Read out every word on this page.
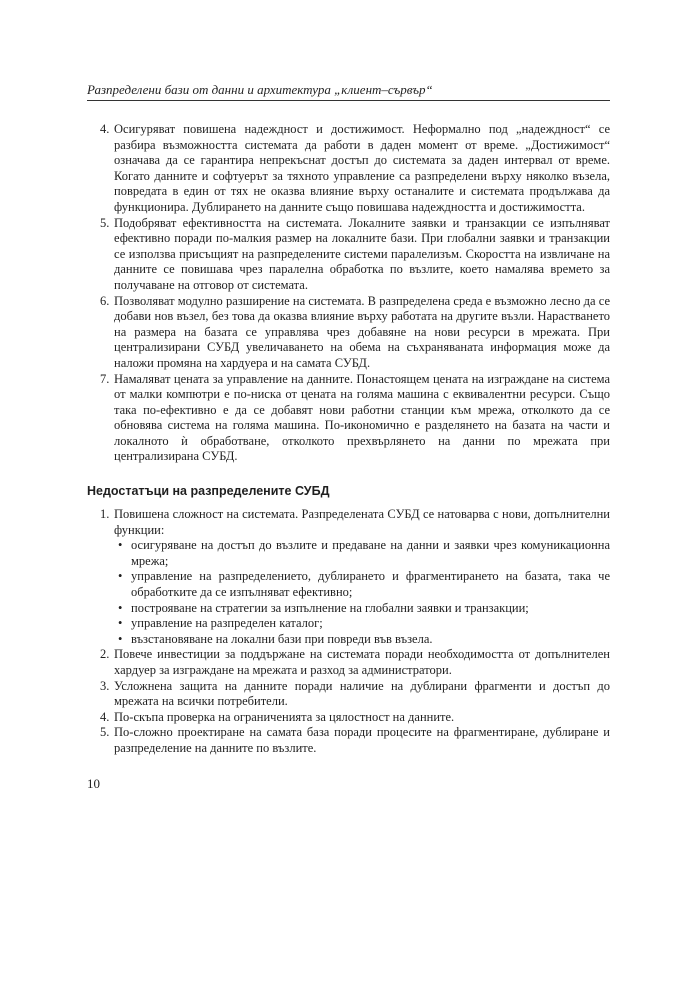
Разпределени бази от данни и архитектура „клиент–сървър“
4. Осигуряват повишена надеждност и достижимост. Неформално под „надеждност“ се разбира възможността системата да работи в даден момент от време. „Достижимост“ означава да се гарантира непрекъснат достъп до системата за даден интервал от време. Когато данните и софтуерът за тяхното управление са разпределени върху няколко възела, повредата в един от тях не оказва влияние върху останалите и системата продължава да функционира. Дублирането на данните също повишава надеждността и достижимостта.
5. Подобряват ефективността на системата. Локалните заявки и транзакции се изпълняват ефективно поради по-малкия размер на локалните бази. При глобални заявки и транзакции се използва присъщият на разпределените системи паралелизъм. Скоростта на извличане на данните се повишава чрез паралелна обработка по възлите, което намалява времето за получаване на отговор от системата.
6. Позволяват модулно разширение на системата. В разпределена среда е възможно лесно да се добави нов възел, без това да оказва влияние върху работата на другите възли. Нарастването на размера на базата се управлява чрез добавяне на нови ресурси в мрежата. При централизирани СУБД увеличаването на обема на съхраняваната информация може да наложи промяна на хардуера и на самата СУБД.
7. Намаляват цената за управление на данните. Понастоящем цената на изграждане на система от малки компютри е по-ниска от цената на голяма машина с еквивалентни ресурси. Също така по-ефективно е да се добавят нови работни станции към мрежа, отколкото да се обновява система на голяма машина. По-икономично е разделянето на базата на части и локалното ѝ обработване, отколкото прехвърлянето на данни по мрежата при централизирана СУБД.
Недостатъци на разпределените СУБД
1. Повишена сложност на системата. Разпределената СУБД се натоварва с нови, допълнителни функции:
• осигуряване на достъп до възлите и предаване на данни и заявки чрез комуникационна мрежа;
• управление на разпределението, дублирането и фрагментирането на базата, така че обработките да се изпълняват ефективно;
• построяване на стратегии за изпълнение на глобални заявки и транзакции;
• управление на разпределен каталог;
• възстановяване на локални бази при повреди във възела.
2. Повече инвестиции за поддържане на системата поради необходимостта от допълнителен хардуер за изграждане на мрежата и разход за администратори.
3. Усложнена защита на данните поради наличие на дублирани фрагменти и достъп до мрежата на всички потребители.
4. По-скъпа проверка на ограниченията за цялостност на данните.
5. По-сложно проектиране на самата база поради процесите на фрагментиране, дублиране и разпределение на данните по възлите.
10
